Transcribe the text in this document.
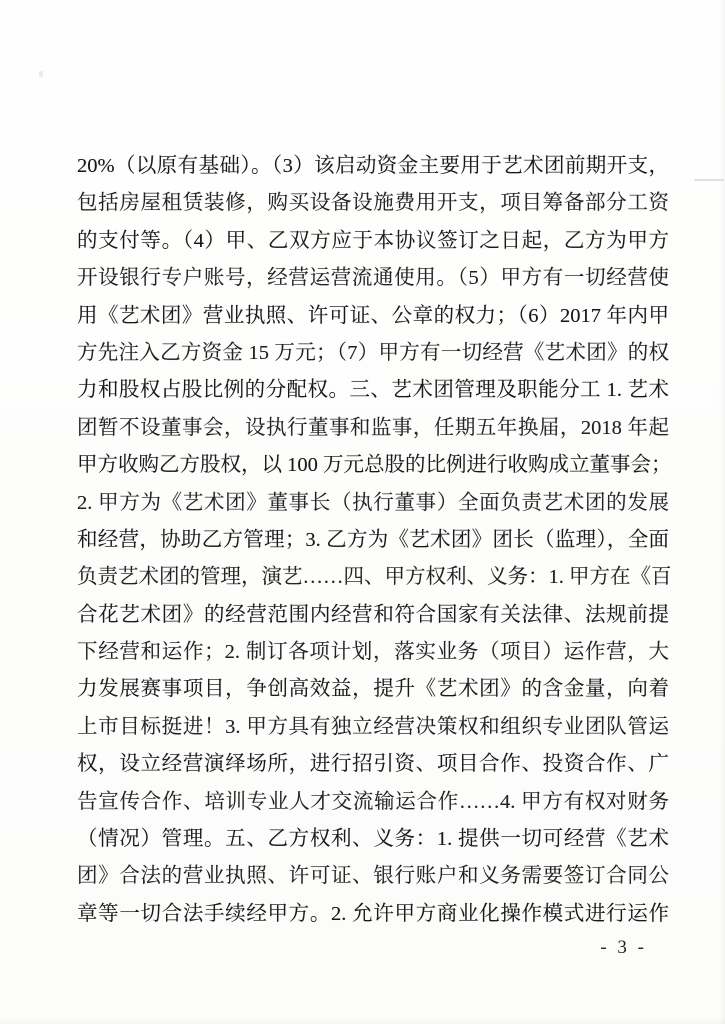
20%（以原有基础）。（3）该启动资金主要用于艺术团前期开支，
包括房屋租赁装修，购买设备设施费用开支，项目筹备部分工资
的支付等。（4）甲、乙双方应于本协议签订之日起，乙方为甲方
开设银行专户账号，经营运营流通使用。（5）甲方有一切经营使
用《艺术团》营业执照、许可证、公章的权力；（6）2017 年内甲
方先注入乙方资金 15 万元；（7）甲方有一切经营《艺术团》的权
力和股权占股比例的分配权。三、艺术团管理及职能分工 1. 艺术
团暂不设董事会，设执行董事和监事，任期五年换届，2018 年起
甲方收购乙方股权，以 100 万元总股的比例进行收购成立董事会；
2. 甲方为《艺术团》董事长（执行董事）全面负责艺术团的发展
和经营，协助乙方管理；3. 乙方为《艺术团》团长（监理），全面
负责艺术团的管理，演艺……四、甲方权利、义务：1. 甲方在《百
合花艺术团》的经营范围内经营和符合国家有关法律、法规前提
下经营和运作；2. 制订各项计划，落实业务（项目）运作营，大
力发展赛事项目，争创高效益，提升《艺术团》的含金量，向着
上市目标挺进！3. 甲方具有独立经营决策权和组织专业团队管运
权，设立经营演绎场所，进行招引资、项目合作、投资合作、广
告宣传合作、培训专业人才交流输运合作……4. 甲方有权对财务
（情况）管理。五、乙方权利、义务：1. 提供一切可经营《艺术
团》合法的营业执照、许可证、银行账户和义务需要签订合同公
章等一切合法手续经甲方。2. 允许甲方商业化操作模式进行运作
- 3 -
